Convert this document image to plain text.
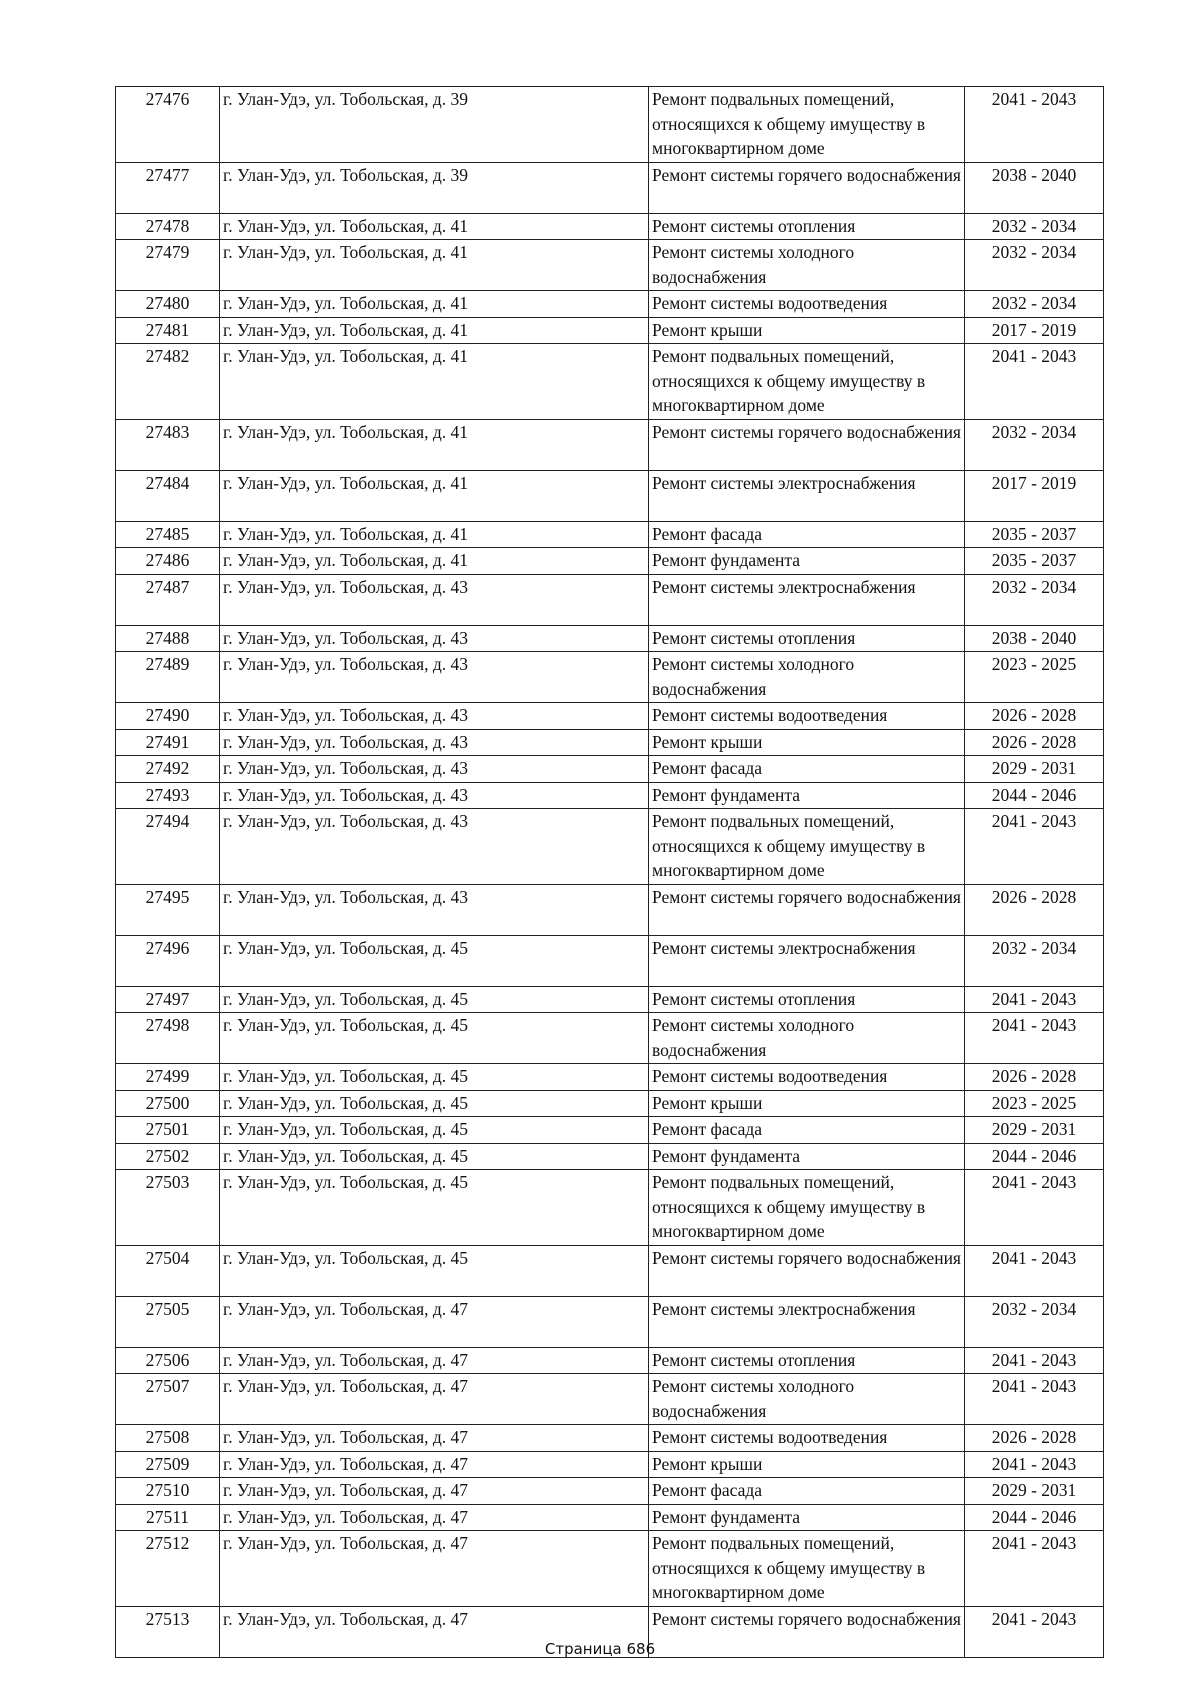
27476	г. Улан-Удэ, ул. Тобольская, д. 39	Ремонт подвальных помещений, относящихся к общему имуществу в многоквартирном доме	2041 - 2043
27477	г. Улан-Удэ, ул. Тобольская, д. 39	Ремонт системы горячего водоснабжения	2038 - 2040
27478	г. Улан-Удэ, ул. Тобольская, д. 41	Ремонт системы отопления	2032 - 2034
27479	г. Улан-Удэ, ул. Тобольская, д. 41	Ремонт системы холодного водоснабжения	2032 - 2034
27480	г. Улан-Удэ, ул. Тобольская, д. 41	Ремонт системы водоотведения	2032 - 2034
27481	г. Улан-Удэ, ул. Тобольская, д. 41	Ремонт крыши	2017 - 2019
27482	г. Улан-Удэ, ул. Тобольская, д. 41	Ремонт подвальных помещений, относящихся к общему имуществу в многоквартирном доме	2041 - 2043
27483	г. Улан-Удэ, ул. Тобольская, д. 41	Ремонт системы горячего водоснабжения	2032 - 2034
27484	г. Улан-Удэ, ул. Тобольская, д. 41	Ремонт системы электроснабжения	2017 - 2019
27485	г. Улан-Удэ, ул. Тобольская, д. 41	Ремонт фасада	2035 - 2037
27486	г. Улан-Удэ, ул. Тобольская, д. 41	Ремонт фундамента	2035 - 2037
27487	г. Улан-Удэ, ул. Тобольская, д. 43	Ремонт системы электроснабжения	2032 - 2034
27488	г. Улан-Удэ, ул. Тобольская, д. 43	Ремонт системы отопления	2038 - 2040
27489	г. Улан-Удэ, ул. Тобольская, д. 43	Ремонт системы холодного водоснабжения	2023 - 2025
27490	г. Улан-Удэ, ул. Тобольская, д. 43	Ремонт системы водоотведения	2026 - 2028
27491	г. Улан-Удэ, ул. Тобольская, д. 43	Ремонт крыши	2026 - 2028
27492	г. Улан-Удэ, ул. Тобольская, д. 43	Ремонт фасада	2029 - 2031
27493	г. Улан-Удэ, ул. Тобольская, д. 43	Ремонт фундамента	2044 - 2046
27494	г. Улан-Удэ, ул. Тобольская, д. 43	Ремонт подвальных помещений, относящихся к общему имуществу в многоквартирном доме	2041 - 2043
27495	г. Улан-Удэ, ул. Тобольская, д. 43	Ремонт системы горячего водоснабжения	2026 - 2028
27496	г. Улан-Удэ, ул. Тобольская, д. 45	Ремонт системы электроснабжения	2032 - 2034
27497	г. Улан-Удэ, ул. Тобольская, д. 45	Ремонт системы отопления	2041 - 2043
27498	г. Улан-Удэ, ул. Тобольская, д. 45	Ремонт системы холодного водоснабжения	2041 - 2043
27499	г. Улан-Удэ, ул. Тобольская, д. 45	Ремонт системы водоотведения	2026 - 2028
27500	г. Улан-Удэ, ул. Тобольская, д. 45	Ремонт крыши	2023 - 2025
27501	г. Улан-Удэ, ул. Тобольская, д. 45	Ремонт фасада	2029 - 2031
27502	г. Улан-Удэ, ул. Тобольская, д. 45	Ремонт фундамента	2044 - 2046
27503	г. Улан-Удэ, ул. Тобольская, д. 45	Ремонт подвальных помещений, относящихся к общему имуществу в многоквартирном доме	2041 - 2043
27504	г. Улан-Удэ, ул. Тобольская, д. 45	Ремонт системы горячего водоснабжения	2041 - 2043
27505	г. Улан-Удэ, ул. Тобольская, д. 47	Ремонт системы электроснабжения	2032 - 2034
27506	г. Улан-Удэ, ул. Тобольская, д. 47	Ремонт системы отопления	2041 - 2043
27507	г. Улан-Удэ, ул. Тобольская, д. 47	Ремонт системы холодного водоснабжения	2041 - 2043
27508	г. Улан-Удэ, ул. Тобольская, д. 47	Ремонт системы водоотведения	2026 - 2028
27509	г. Улан-Удэ, ул. Тобольская, д. 47	Ремонт крыши	2041 - 2043
27510	г. Улан-Удэ, ул. Тобольская, д. 47	Ремонт фасада	2029 - 2031
27511	г. Улан-Удэ, ул. Тобольская, д. 47	Ремонт фундамента	2044 - 2046
27512	г. Улан-Удэ, ул. Тобольская, д. 47	Ремонт подвальных помещений, относящихся к общему имуществу в многоквартирном доме	2041 - 2043
27513	г. Улан-Удэ, ул. Тобольская, д. 47	Ремонт системы горячего водоснабжения	2041 - 2043
Страница 686
